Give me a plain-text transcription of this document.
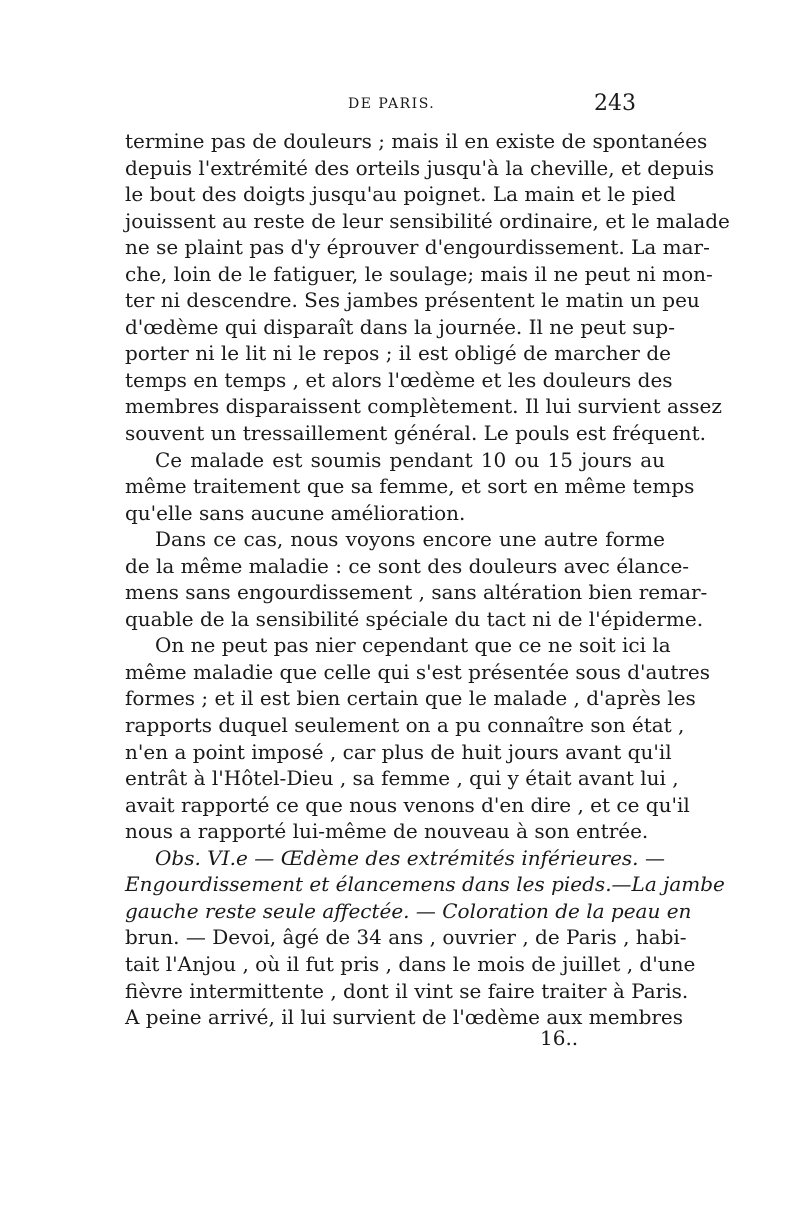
DE PARIS.	243
termine pas de douleurs ; mais il en existe de spontanées
depuis l'extrémité des orteils jusqu'à la cheville, et depuis
le bout des doigts jusqu'au poignet. La main et le pied
jouissent au reste de leur sensibilité ordinaire, et le malade
ne se plaint pas d'y éprouver d'engourdissement. La mar-
che, loin de le fatiguer, le soulage; mais il ne peut ni mon-
ter ni descendre. Ses jambes présentent le matin un peu
d'œdème qui disparaît dans la journée. Il ne peut sup-
porter ni le lit ni le repos ; il est obligé de marcher de
temps en temps , et alors l'œdème et les douleurs des
membres disparaissent complètement. Il lui survient assez
souvent un tressaillement général. Le pouls est fréquent.
Ce malade est soumis pendant 10 ou 15 jours au
même traitement que sa femme, et sort en même temps
qu'elle sans aucune amélioration.
Dans ce cas, nous voyons encore une autre forme
de la même maladie : ce sont des douleurs avec élance-
mens sans engourdissement , sans altération bien remar-
quable de la sensibilité spéciale du tact ni de l'épiderme.
On ne peut pas nier cependant que ce ne soit ici la
même maladie que celle qui s'est présentée sous d'autres
formes ; et il est bien certain que le malade , d'après les
rapports duquel seulement on a pu connaître son état ,
n'en a point imposé , car plus de huit jours avant qu'il
entrât à l'Hôtel-Dieu , sa femme , qui y était avant lui ,
avait rapporté ce que nous venons d'en dire , et ce qu'il
nous a rapporté lui-même de nouveau à son entrée.
Obs. VI.e — Œdème des extrémités inférieures. —
Engourdissement et élancemens dans les pieds.—La jambe
gauche reste seule affectée. — Coloration de la peau en
brun. — Devoi, âgé de 34 ans , ouvrier , de Paris , habi-
tait l'Anjou , où il fut pris , dans le mois de juillet , d'une
fièvre intermittente , dont il vint se faire traiter à Paris.
A peine arrivé, il lui survient de l'œdème aux membres
16..
